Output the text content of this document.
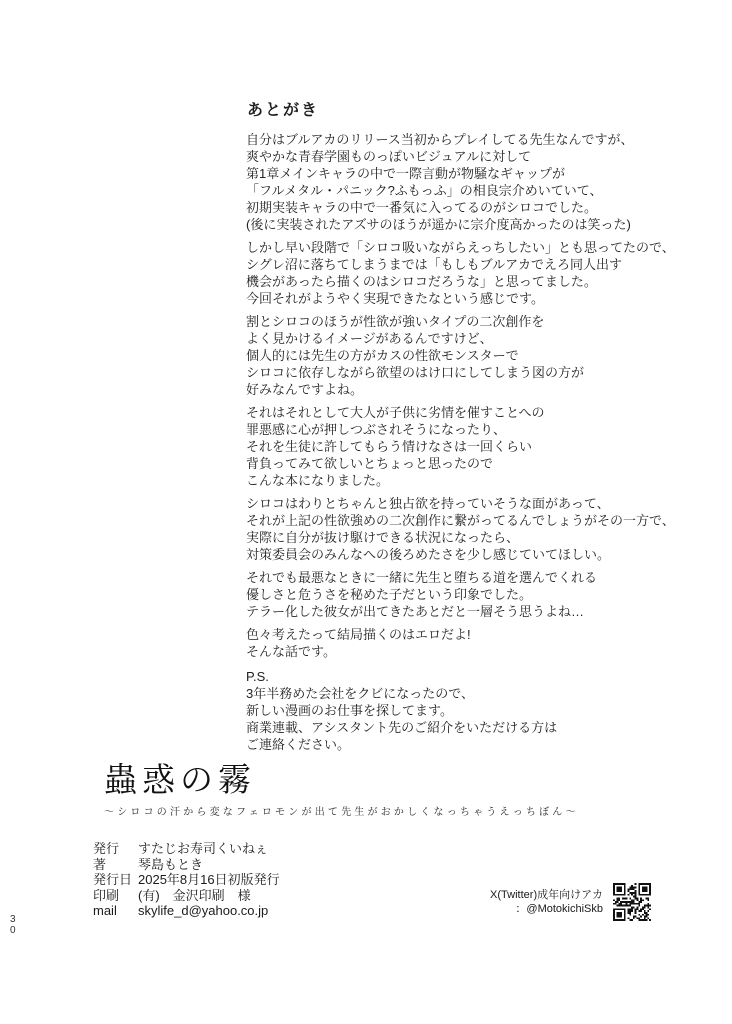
3
0
あとがき

自分はブルアカのリリース当初からプレイしてる先生なんですが、
爽やかな青春学園ものっぽいビジュアルに対して
第1章メインキャラの中で一際言動が物騒なギャップが
「フルメタル・パニック?ふもっふ」の相良宗介めいていて、
初期実装キャラの中で一番気に入ってるのがシロコでした。
(後に実装されたアズサのほうが遥かに宗介度高かったのは笑った)

しかし早い段階で「シロコ吸いながらえっちしたい」とも思ってたので、
シグレ沼に落ちてしまうまでは「もしもブルアカでえろ同人出す
機会があったら描くのはシロコだろうな」と思ってました。
今回それがようやく実現できたなという感じです。

割とシロコのほうが性欲が強いタイプの二次創作を
よく見かけるイメージがあるんですけど、
個人的には先生の方がカスの性欲モンスターで
シロコに依存しながら欲望のはけ口にしてしまう図の方が
好みなんですよね。

それはそれとして大人が子供に劣情を催すことへの
罪悪感に心が押しつぶされそうになったり、
それを生徒に許してもらう情けなさは一回くらい
背負ってみて欲しいとちょっと思ったので
こんな本になりました。

シロコはわりとちゃんと独占欲を持っていそうな面があって、
それが上記の性欲強めの二次創作に繋がってるんでしょうがその一方で、
実際に自分が抜け駆けできる状況になったら、
対策委員会のみんなへの後ろめたさを少し感じていてほしい。

それでも最悪なときに一緒に先生と堕ちる道を選んでくれる
優しさと危うさを秘めた子だという印象でした。
テラー化した彼女が出てきたあとだと一層そう思うよね…

色々考えたって結局描くのはエロだよ!
そんな話です。

P.S.
3年半務めた会社をクビになったので、
新しい漫画のお仕事を探してます。
商業連載、アシスタント先のご紹介をいただける方は
ご連絡ください。

蟲惑の霧
〜シロコの汗から変なフェロモンが出て先生がおかしくなっちゃうえっちぼん〜
発行	すたじお寿司くいねぇ
著	琴島もとき
発行日 2025年8月16日初版発行
印刷	(有)　金沢印刷　様
mail	skylife_d@yahoo.co.jp
X(Twitter)成年向けアカ
：@MotokichiSkb
